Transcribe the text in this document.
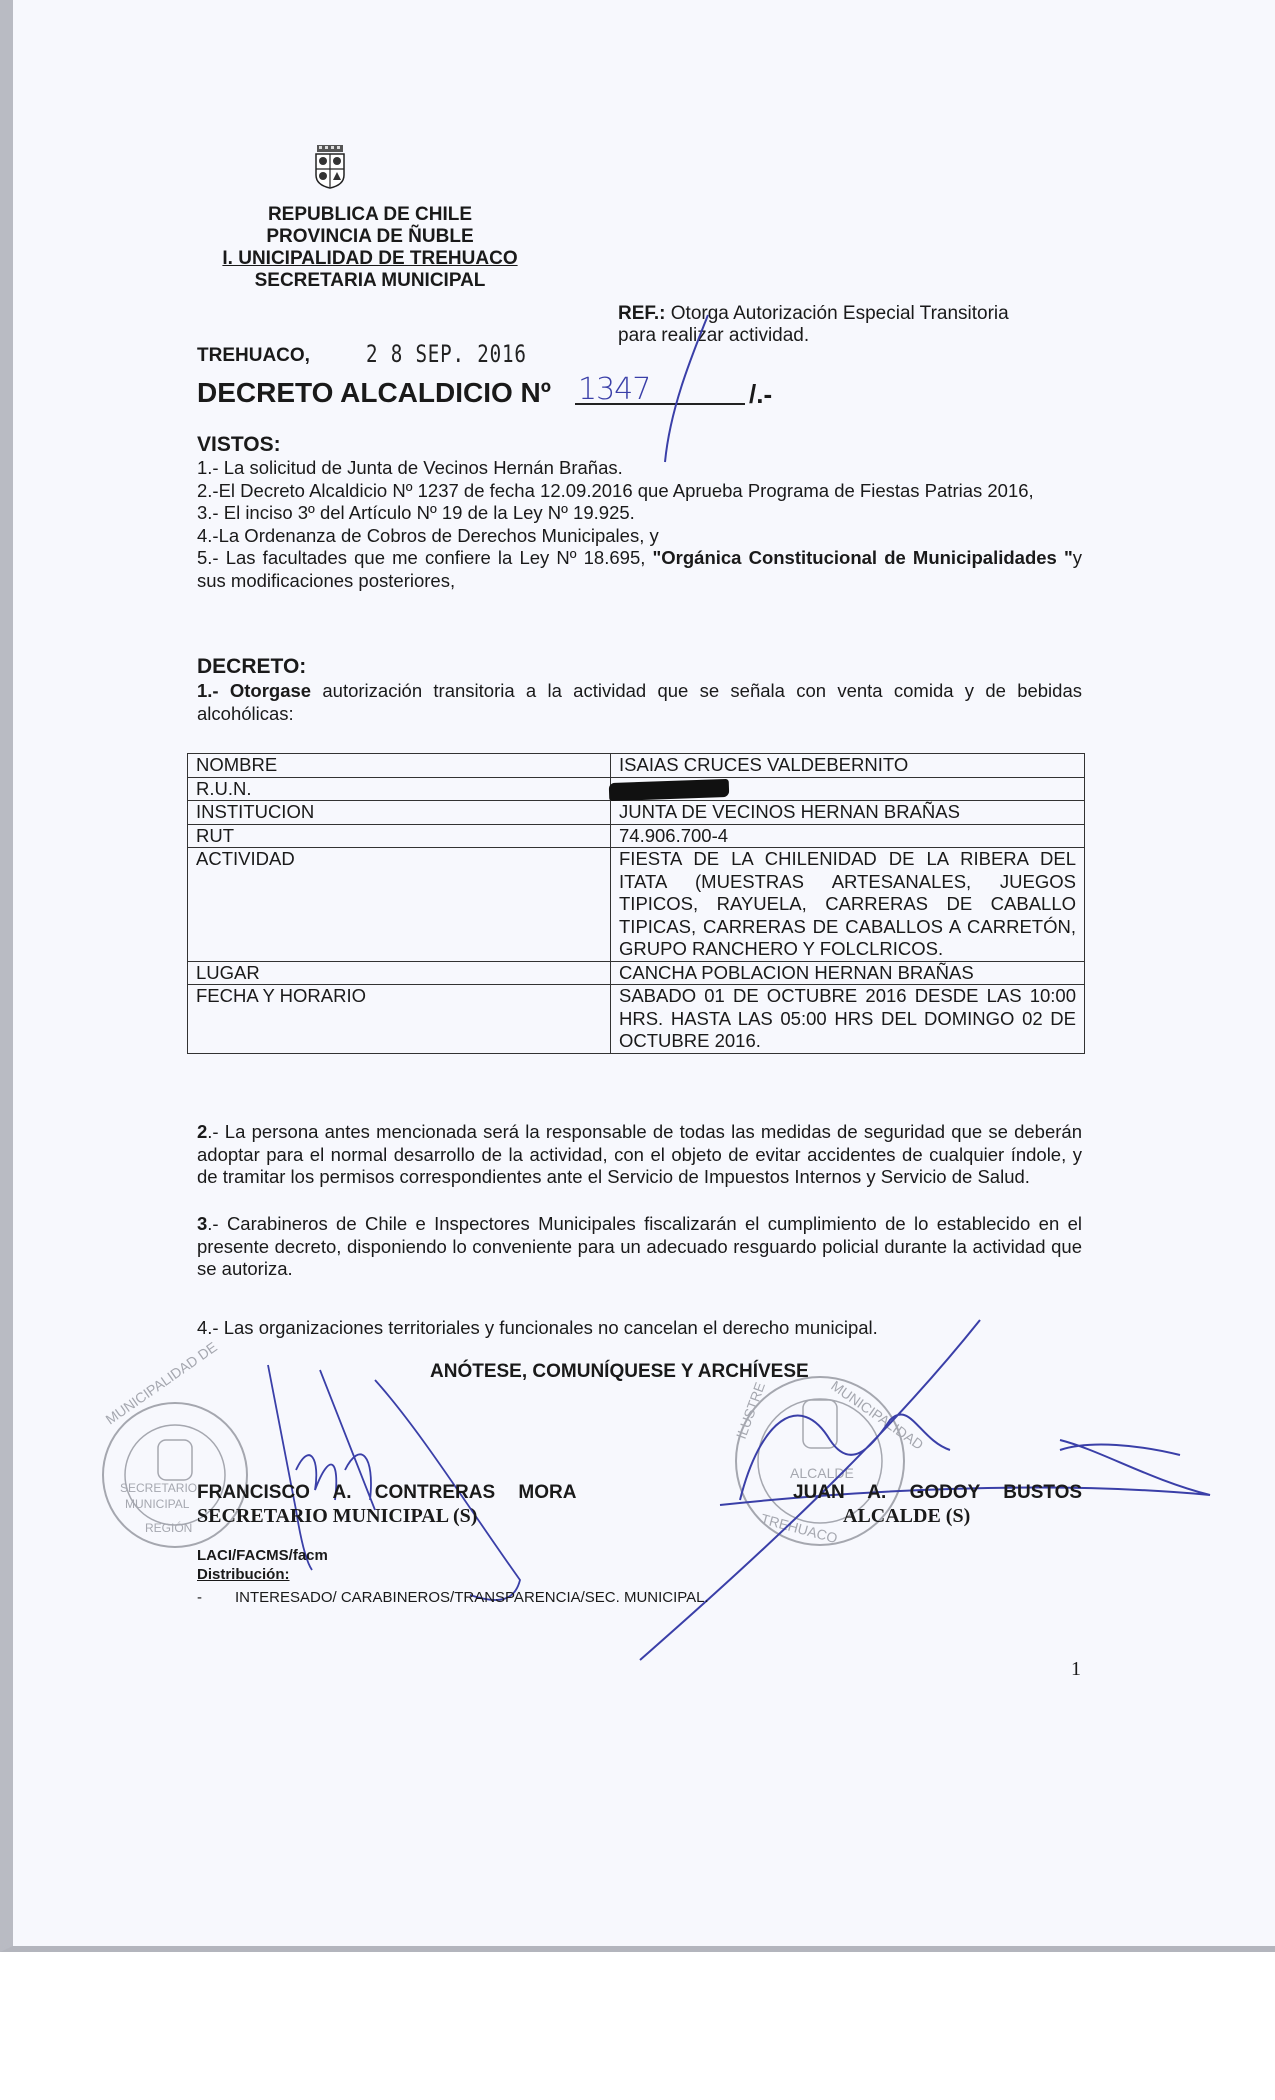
REPUBLICA DE CHILE
PROVINCIA DE ÑUBLE
I. UNICIPALIDAD DE TREHUACO
SECRETARIA MUNICIPAL
REF.: Otorga Autorización Especial Transitoria
para realizar actividad.
TREHUACO, 2 8 SEP. 2016
DECRETO ALCALDICIO Nº 1347	/.-
VISTOS:

1.- La solicitud de Junta de Vecinos Hernán Brañas.

2.-El Decreto Alcaldicio Nº 1237 de fecha 12.09.2016 que Aprueba Programa de Fiestas Patrias 2016,

3.- El inciso 3º del Artículo Nº 19 de la Ley Nº 19.925.

4.-La Ordenanza de Cobros de Derechos Municipales, y

5.- Las facultades que me confiere la Ley Nº 18.695, "Orgánica Constitucional de Municipalidades "y sus modificaciones posteriores,

DECRETO:

1.- Otorgase autorización transitoria a la actividad que se señala con venta comida y de bebidas alcohólicas:

NOMBRE	ISAIAS CRUCES VALDEBERNITO
R.U.N.	
INSTITUCION	JUNTA DE VECINOS HERNAN BRAÑAS
RUT	74.906.700-4
ACTIVIDAD	FIESTA DE LA CHILENIDAD DE LA RIBERA DEL ITATA (MUESTRAS ARTESANALES, JUEGOS TIPICOS, RAYUELA, CARRERAS DE CABALLO TIPICAS, CARRERAS DE CABALLOS A CARRETÓN, GRUPO RANCHERO Y FOLCLRICOS.
LUGAR	CANCHA POBLACION HERNAN BRAÑAS
FECHA Y HORARIO	SABADO 01 DE OCTUBRE 2016 DESDE LAS 10:00 HRS. HASTA LAS 05:00 HRS DEL DOMINGO 02 DE OCTUBRE 2016.

2.- La persona antes mencionada será la responsable de todas las medidas de seguridad que se deberán adoptar para el normal desarrollo de la actividad, con el objeto de evitar accidentes de cualquier índole, y de tramitar los permisos correspondientes ante el Servicio de Impuestos Internos y Servicio de Salud.

3.- Carabineros de Chile e Inspectores Municipales fiscalizarán el cumplimiento de lo establecido en el presente decreto, disponiendo lo conveniente para un adecuado resguardo policial durante la actividad que se autoriza.

4.- Las organizaciones territoriales y funcionales no cancelan el derecho municipal.

ANÓTESE, COMUNÍQUESE Y ARCHÍVESE
MUNICIPALIDAD DE
SECRETARIO
MUNICIPAL
REGIÓN
ALCALDE
TREHUACO
ILUSTRE	MUNICIPALIDAD
FRANCISCO A. CONTRERAS MORA
SECRETARIO MUNICIPAL (S)
JUAN A. GODOY BUSTOS
ALCALDE (S)
LACI/FACMS/facm
Distribución:
- INTERESADO/ CARABINEROS/TRANSPARENCIA/SEC. MUNICIPAL.
1
